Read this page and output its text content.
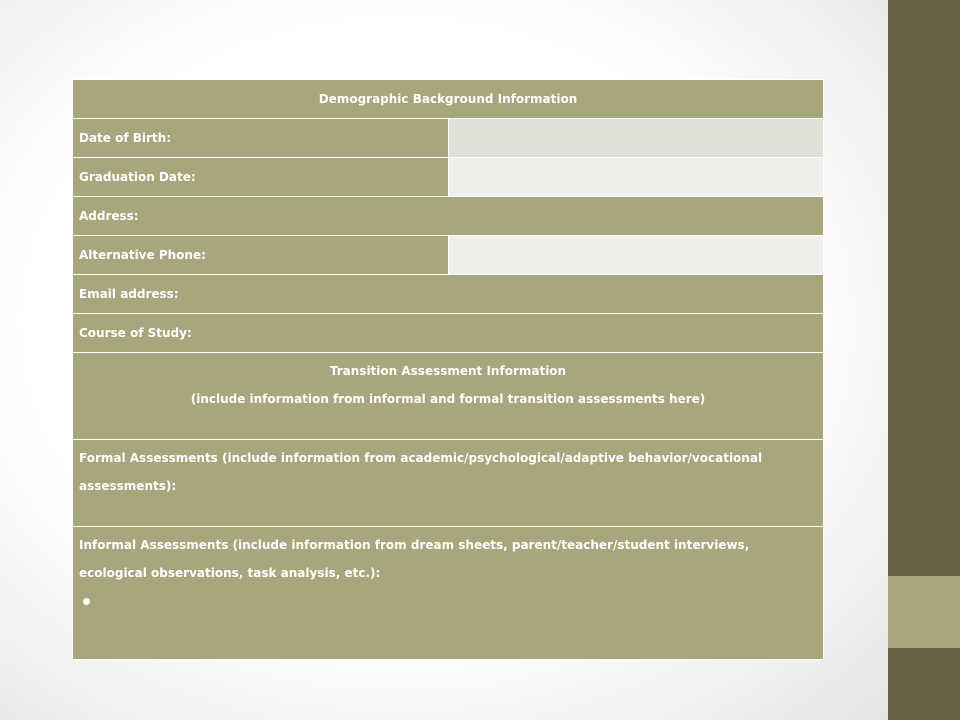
Demographic Background Information	
Date of Birth:	
Graduation Date:	
Address:	
Alternative Phone:	
Email address:	
Course of Study:	

Transition Assessment Information
(include information from informal and formal transition assessments here)	

Formal Assessments (include information from academic/psychological/adaptive behavior/vocational assessments):	

Informal Assessments (include information from dream sheets, parent/teacher/student interviews, ecological observations, task analysis, etc.):	
